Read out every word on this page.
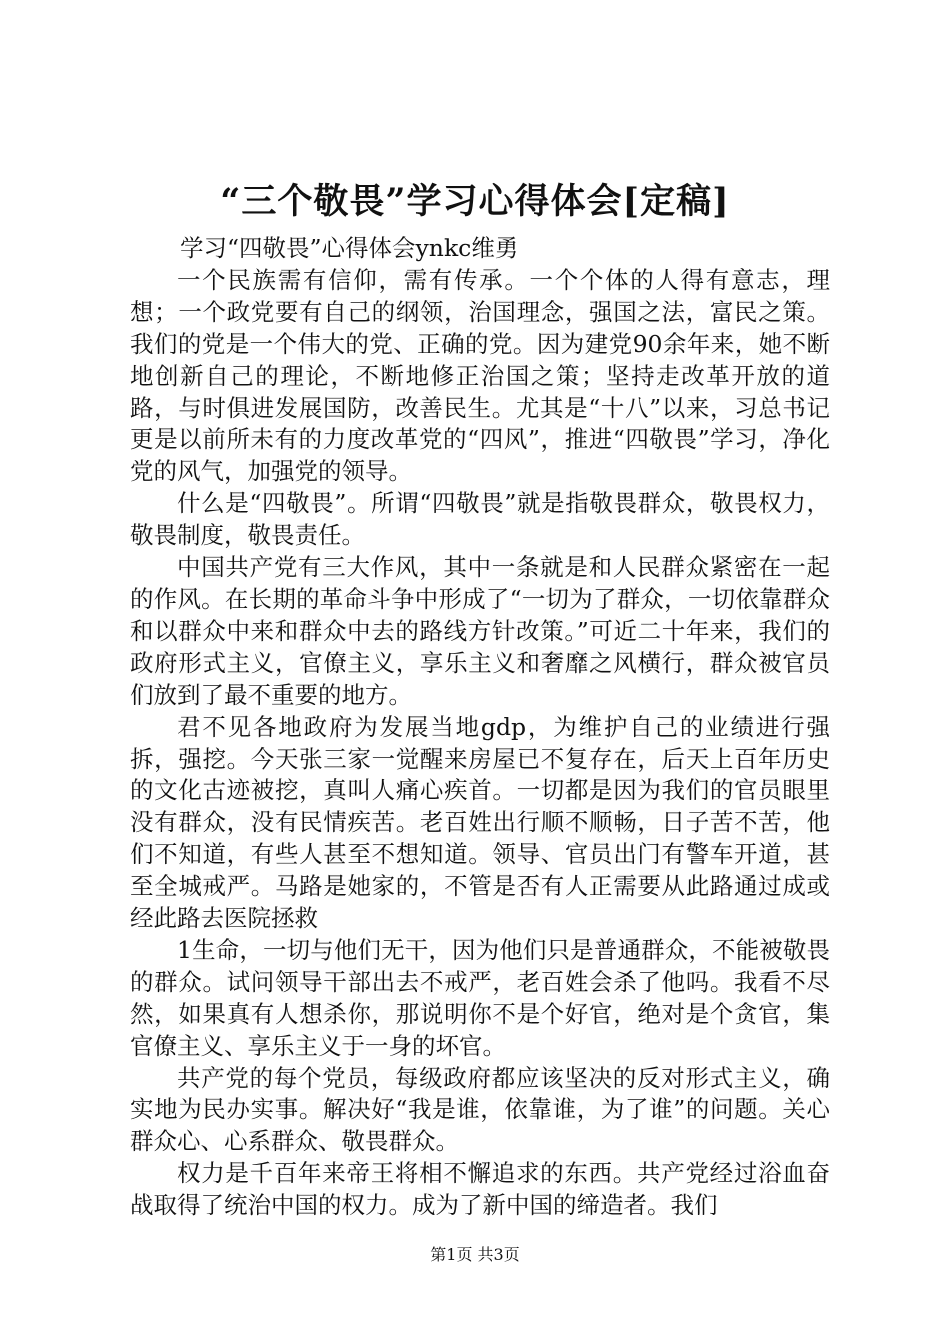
“三个敬畏”学习心得体会[定稿]

学习“四敬畏”心得体会ynkc维勇

一个民族需有信仰，需有传承。一个个体的人得有意志，理想；一个政党要有自己的纲领，治国理念，强国之法，富民之策。我们的党是一个伟大的党、正确的党。因为建党90余年来，她不断地创新自己的理论，不断地修正治国之策；坚持走改革开放的道路，与时俱进发展国防，改善民生。尤其是“十八”以来，习总书记更是以前所未有的力度改革党的“四风”，推进“四敬畏”学习，净化党的风气，加强党的领导。

什么是“四敬畏”。所谓“四敬畏”就是指敬畏群众，敬畏权力，敬畏制度，敬畏责任。

中国共产党有三大作风，其中一条就是和人民群众紧密在一起的作风。在长期的革命斗争中形成了“一切为了群众，一切依靠群众和以群众中来和群众中去的路线方针改策。”可近二十年来，我们的政府形式主义，官僚主义，享乐主义和奢靡之风横行，群众被官员们放到了最不重要的地方。

君不见各地政府为发展当地gdp，为维护自己的业绩进行强拆，强挖。今天张三家一觉醒来房屋已不复存在，后天上百年历史的文化古迹被挖，真叫人痛心疾首。一切都是因为我们的官员眼里没有群众，没有民情疾苦。老百姓出行顺不顺畅，日子苦不苦，他们不知道，有些人甚至不想知道。领导、官员出门有警车开道，甚至全城戒严。马路是她家的，不管是否有人正需要从此路通过成或经此路去医院拯救

1生命，一切与他们无干，因为他们只是普通群众，不能被敬畏的群众。试问领导干部出去不戒严，老百姓会杀了他吗。我看不尽然，如果真有人想杀你，那说明你不是个好官，绝对是个贪官，集官僚主义、享乐主义于一身的坏官。

共产党的每个党员，每级政府都应该坚决的反对形式主义，确实地为民办实事。解决好“我是谁，依靠谁，为了谁”的问题。关心群众心、心系群众、敬畏群众。

权力是千百年来帝王将相不懈追求的东西。共产党经过浴血奋战取得了统治中国的权力。成为了新中国的缔造者。我们

第1页 共3页
